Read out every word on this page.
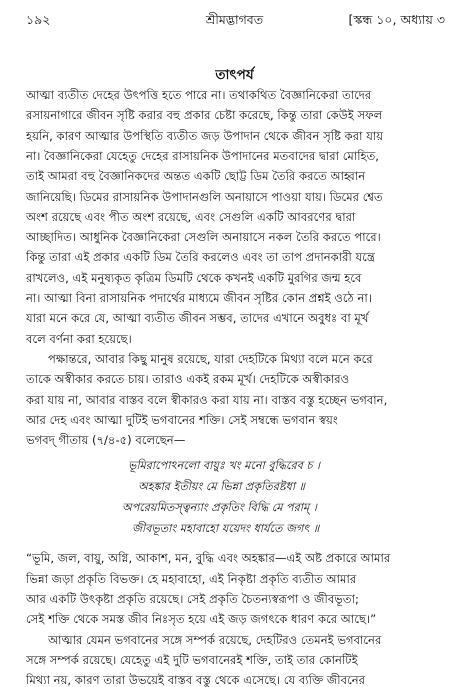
১৯২	শ্রীমদ্ভাগবত	[স্কন্ধ ১০, অধ্যায় ৩
তাৎপর্য
আত্মা ব্যতীত দেহের উৎপত্তি হতে পারে না। তথাকথিত বৈজ্ঞানিকেরা তাদের
রসায়নাগারে জীবন সৃষ্টি করার বহু প্রকার চেষ্টা করেছে, কিন্তু তারা কেউই সফল
হয়নি, কারণ আত্মার উপস্থিতি ব্যতীত জড় উপাদান থেকে জীবন সৃষ্টি করা যায়
না। বৈজ্ঞানিকেরা যেহেতু দেহের রাসায়নিক উপাদানের মতবাদের দ্বারা মোহিত,
তাই আমরা বহু বৈজ্ঞানিকদের অন্তত একটি ছোট্ট ডিম তৈরি করতে আহ্বান
জানিয়েছি। ডিমের রাসায়নিক উপাদানগুলি অনায়াসে পাওয়া যায়। ডিমের শ্বেত
অংশ রয়েছে এবং পীত অংশ রয়েছে, এবং সেগুলি একটি আবরণের দ্বারা
আচ্ছাদিত। আধুনিক বৈজ্ঞানিকেরা সেগুলি অনায়াসে নকল তৈরি করতে পারে।
কিন্তু তারা এই প্রকার একটি ডিম তৈরি করলেও এবং তা তাপ প্রদানকারী যন্ত্রে
রাখলেও, এই মনুষ্যকৃত কৃত্রিম ডিমটি থেকে কখনই একটি মুরগির জন্ম হবে
না। আত্মা বিনা রাসায়নিক পদার্থের মাধ্যমে জীবন সৃষ্টির কোন প্রশ্নই ওঠে না।
যারা মনে করে যে, আত্মা ব্যতীত জীবন সম্ভব, তাদের এখানে অবুধঃ বা মূর্খ
বলে বর্ণনা করা হয়েছে।
পক্ষান্তরে, আবার কিছু মানুষ রয়েছে, যারা দেহটিকে মিথ্যা বলে মনে করে
তাকে অস্বীকার করতে চায়। তারাও একই রকম মূর্খ। দেহটিকে অস্বীকারও
করা যায় না, আবার বাস্তব বলে স্বীকারও করা যায় না। বাস্তব বস্তু হচ্ছেন ভগবান,
আর দেহ এবং আত্মা দুটিই ভগবানের শক্তি। সেই সম্বন্ধে ভগবান স্বয়ং
ভগবদ্ গীতায় (৭/৪-৫) বলেছেন—
ভূমিরাপোঽনলো বায়ুঃ খং মনো বুদ্ধিরেব চ ।
অহঙ্কার ইতীয়ং মে ভিন্না প্রকৃতিরষ্টধা ॥
অপরেয়মিতস্ত্বন্যাং প্রকৃতিং বিদ্ধি মে পরাম্ ।
জীবভূতাং মহাবাহো যয়েদং ধার্যতে জগৎ ॥
“ভূমি, জল, বায়ু, অগ্নি, আকাশ, মন, বুদ্ধি এবং অহঙ্কার—এই অষ্ট প্রকারে আমার
ভিন্না জড়া প্রকৃতি বিভক্ত। হে মহাবাহো, এই নিকৃষ্টা প্রকৃতি ব্যতীত আমার
আর একটি উৎকৃষ্টা প্রকৃতি রয়েছে। সেই প্রকৃতি চৈতন্যস্বরূপা ও জীবভূতা;
সেই শক্তি থেকে সমস্ত জীব নিঃসৃত হয়ে এই জড় জগৎকে ধারণ করে আছে।”
আত্মার যেমন ভগবানের সঙ্গে সম্পর্ক রয়েছে, দেহটিরও তেমনই ভগবানের
সঙ্গে সম্পর্ক রয়েছে। যেহেতু এই দুটি ভগবানেরই শক্তি, তাই তার কোনটিই
মিথ্যা নয়, কারণ তারা উভয়েই বাস্তব বস্তু থেকে এসেছে। যে ব্যক্তি জীবনের
